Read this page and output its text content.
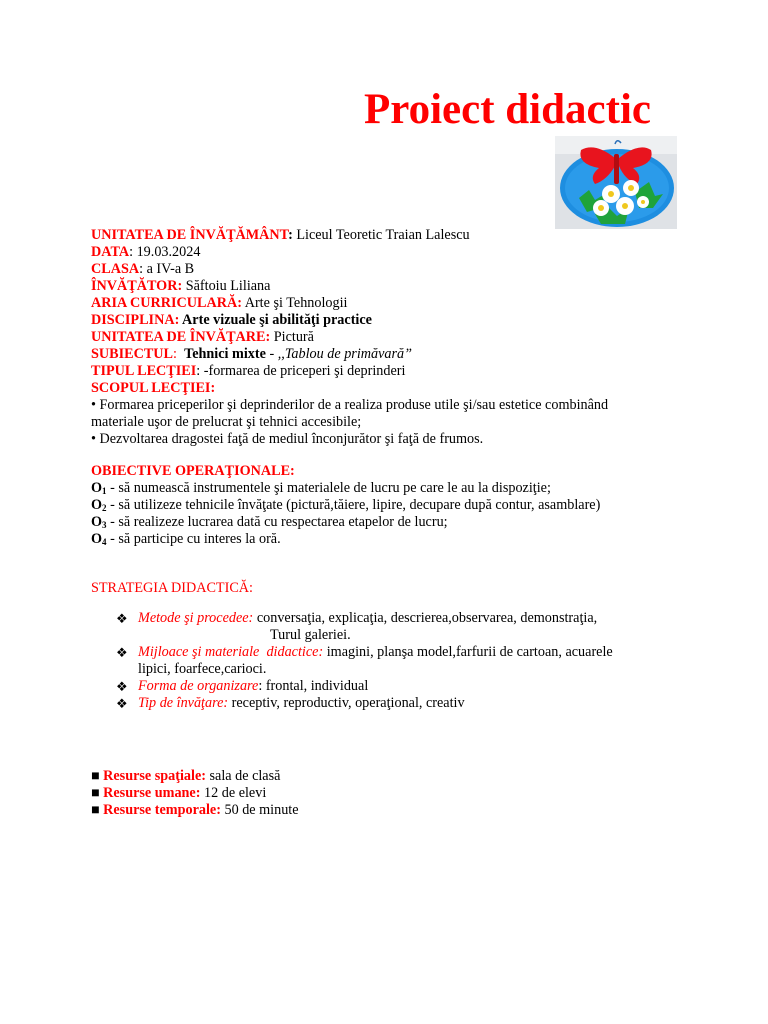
Proiect didactic
UNITATEA DE ÎNVĂŢĂMÂNT: Liceul Teoretic Traian Lalescu
DATA: 19.03.2024
CLASA: a IV-a B
ÎNVĂŢĂTOR: Săftoiu Liliana
ARIA CURRICULARĂ: Arte şi Tehnologii
DISCIPLINA: Arte vizuale şi abilităţi practice
UNITATEA DE ÎNVĂŢARE: Pictură
SUBIECTUL:  Tehnici mixte - ,,Tablou de primăvară”
TIPUL LECŢIEI: -formarea de priceperi şi deprinderi
SCOPUL LECŢIEI:
• Formarea priceperilor şi deprinderilor de a realiza produse utile şi/sau estetice combinând
materiale uşor de prelucrat şi tehnici accesibile;
• Dezvoltarea dragostei faţă de mediul înconjurător şi faţă de frumos.
OBIECTIVE OPERAŢIONALE:
$O_1$ - să numească instrumentele şi materialele de lucru pe care le au la dispoziţie;
$O_2$ - să utilizeze tehnicile învăţate (pictură,tăiere, lipire, decupare după contur, asamblare)
$O_3$ - să realizeze lucrarea dată cu respectarea etapelor de lucru;
$O_4$ - să participe cu interes la oră.
STRATEGIA DIDACTICĂ:
❖ Metode şi procedee: conversaţia, explicaţia, descrierea,observarea, demonstraţia,
Turul galeriei.
❖ Mijloace şi materiale  didactice: imagini, planşa model,farfurii de cartoan, acuarele
lipici, foarfece,carioci.
❖ Forma de organizare: frontal, individual
❖ Tip de învăţare: receptiv, reproductiv, operaţional, creativ
■ Resurse spaţiale: sala de clasă
■ Resurse umane: 12 de elevi
■ Resurse temporale: 50 de minute
